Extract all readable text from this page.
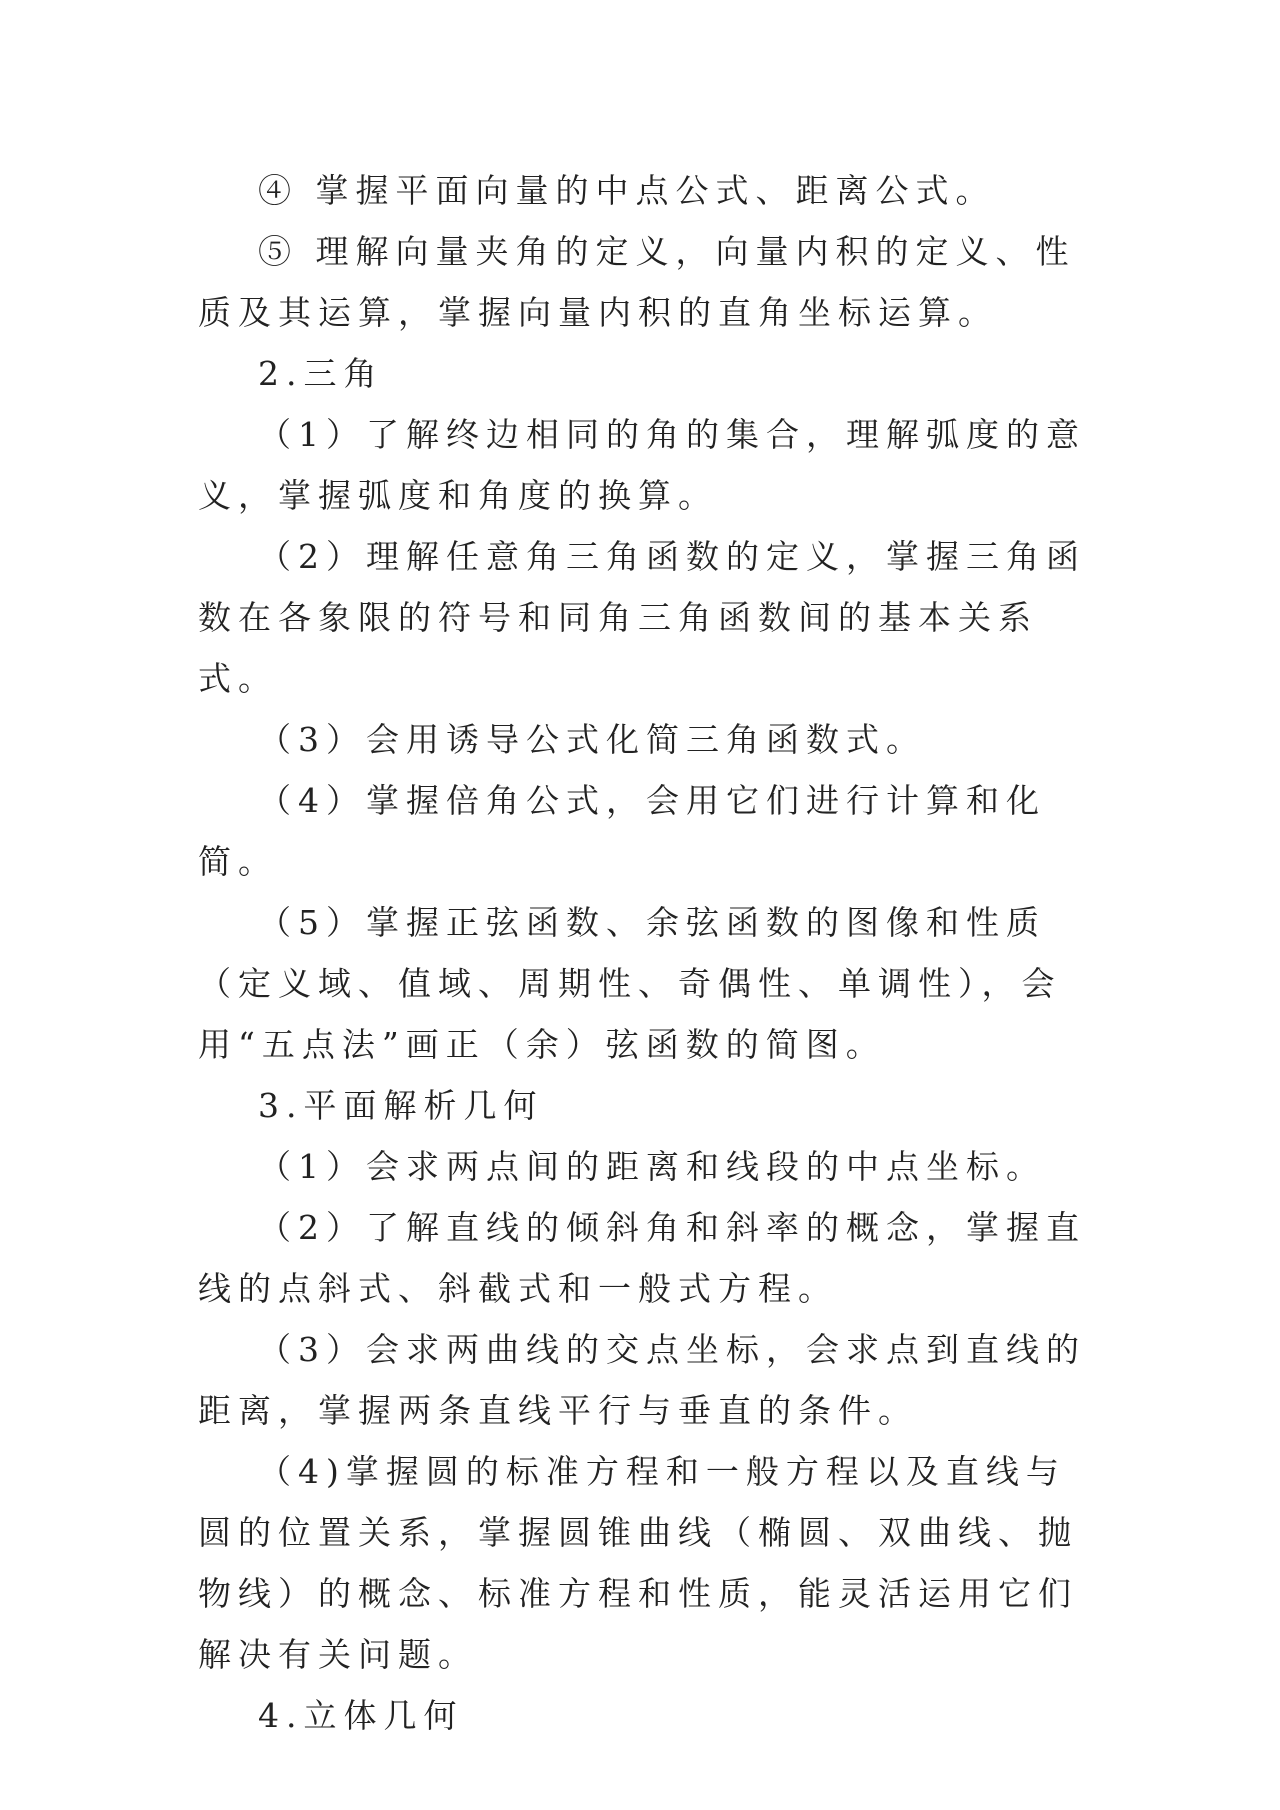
④ 掌握平面向量的中点公式、距离公式。

⑤ 理解向量夹角的定义，向量内积的定义、性质及其运算，掌握向量内积的直角坐标运算。

2.三角

（1）了解终边相同的角的集合，理解弧度的意义，掌握弧度和角度的换算。

（2）理解任意角三角函数的定义，掌握三角函数在各象限的符号和同角三角函数间的基本关系式。

（3）会用诱导公式化简三角函数式。

（4）掌握倍角公式，会用它们进行计算和化简。

（5）掌握正弦函数、余弦函数的图像和性质（定义域、值域、周期性、奇偶性、单调性），会用“五点法”画正（余）弦函数的简图。

3.平面解析几何

（1）会求两点间的距离和线段的中点坐标。

（2）了解直线的倾斜角和斜率的概念，掌握直线的点斜式、斜截式和一般式方程。

（3）会求两曲线的交点坐标，会求点到直线的距离，掌握两条直线平行与垂直的条件。

（4)掌握圆的标准方程和一般方程以及直线与圆的位置关系，掌握圆锥曲线（椭圆、双曲线、抛物线）的概念、标准方程和性质，能灵活运用它们解决有关问题。

4.立体几何
